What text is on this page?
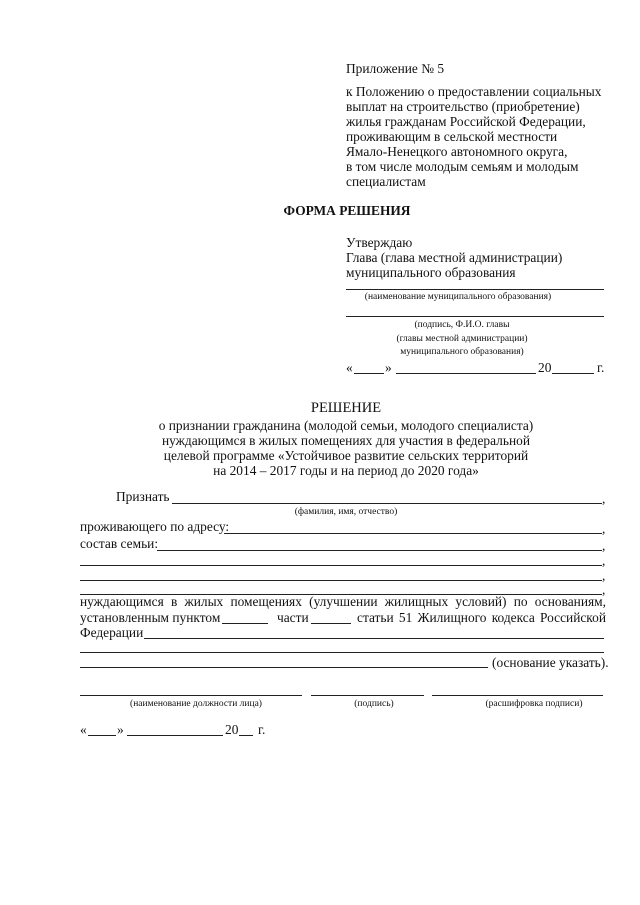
Приложение № 5
к Положению о предоставлении социальных
выплат на строительство (приобретение)
жилья гражданам Российской Федерации,
проживающим в сельской местности
Ямало-Ненецкого автономного округа,
в том числе молодым семьям и молодым
специалистам
ФОРМА РЕШЕНИЯ
Утверждаю
Глава (глава местной администрации)
муниципального образования
(наименование муниципального образования)
(подпись, Ф.И.О. главы
(главы местной администрации)
муниципального образования)
« »	20	г.
РЕШЕНИЕ
о признании гражданина (молодой семьи, молодого специалиста)
нуждающимся в жилых помещениях для участия в федеральной
целевой программе «Устойчивое развитие сельских территорий
на 2014 – 2017 годы и на период до 2020 года»
Признать	,
(фамилия, имя, отчество)
проживающего по адресу:	,
состав семьи:	,
,
,
,
нуждающимся в жилых помещениях (улучшении жилищных условий) по основаниям,
установленным пунктом	части	статьи 51 Жилищного кодекса Российской
Федерации
(основание указать).
(наименование должности лица)	(подпись)	(расшифровка подписи)
« »	20 г.
